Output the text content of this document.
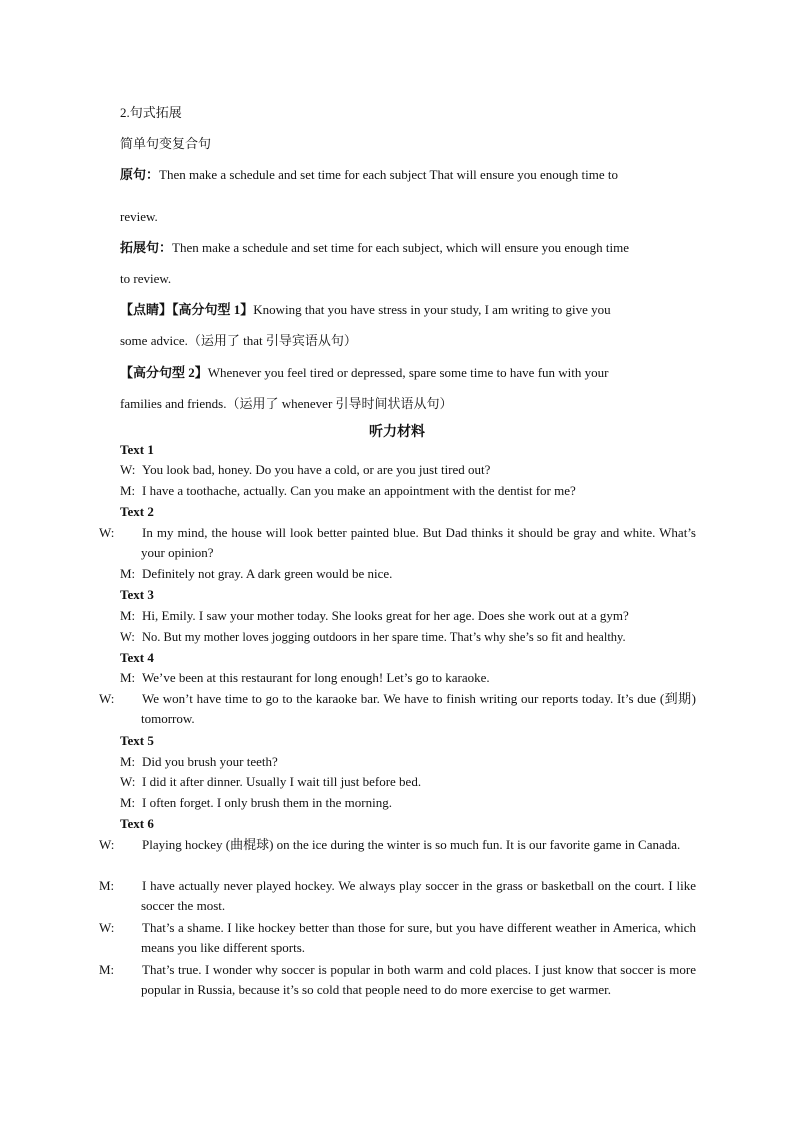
2.句式拓展
简单句变复合句
原句：Then make a schedule and set time for each subject That will ensure you enough time to
review.
拓展句：Then make a schedule and set time for each subject, which will ensure you enough time
to review.
【点睛】【高分句型 1】Knowing that you have stress in your study, I am writing to give you
some advice.（运用了 that 引导宾语从句）
【高分句型 2】Whenever you feel tired or depressed, spare some time to have fun with your
families and friends.（运用了 whenever 引导时间状语从句）
听力材料
Text 1
W: You look bad, honey. Do you have a cold, or are you just tired out?
M: I have a toothache, actually. Can you make an appointment with the dentist for me?
Text 2
W: In my mind, the house will look better painted blue. But Dad thinks it should be gray and white. What’s your opinion?
M: Definitely not gray. A dark green would be nice.
Text 3
M: Hi, Emily. I saw your mother today. She looks great for her age. Does she work out at a gym?
W: No. But my mother loves jogging outdoors in her spare time. That’s why she’s so fit and healthy.
Text 4
M: We’ve been at this restaurant for long enough! Let’s go to karaoke.
W: We won’t have time to go to the karaoke bar. We have to finish writing our reports today. It’s due (到期) tomorrow.
Text 5
M: Did you brush your teeth?
W: I did it after dinner. Usually I wait till just before bed.
M: I often forget. I only brush them in the morning.
Text 6
W: Playing hockey (曲棍球) on the ice during the winter is so much fun. It is our favorite game in Canada.
M: I have actually never played hockey. We always play soccer in the grass or basketball on the court. I like soccer the most.
W: That’s a shame. I like hockey better than those for sure, but you have different weather in America, which means you like different sports.
M: That’s true. I wonder why soccer is popular in both warm and cold places. I just know that soccer is more popular in Russia, because it’s so cold that people need to do more exercise to get warmer.
